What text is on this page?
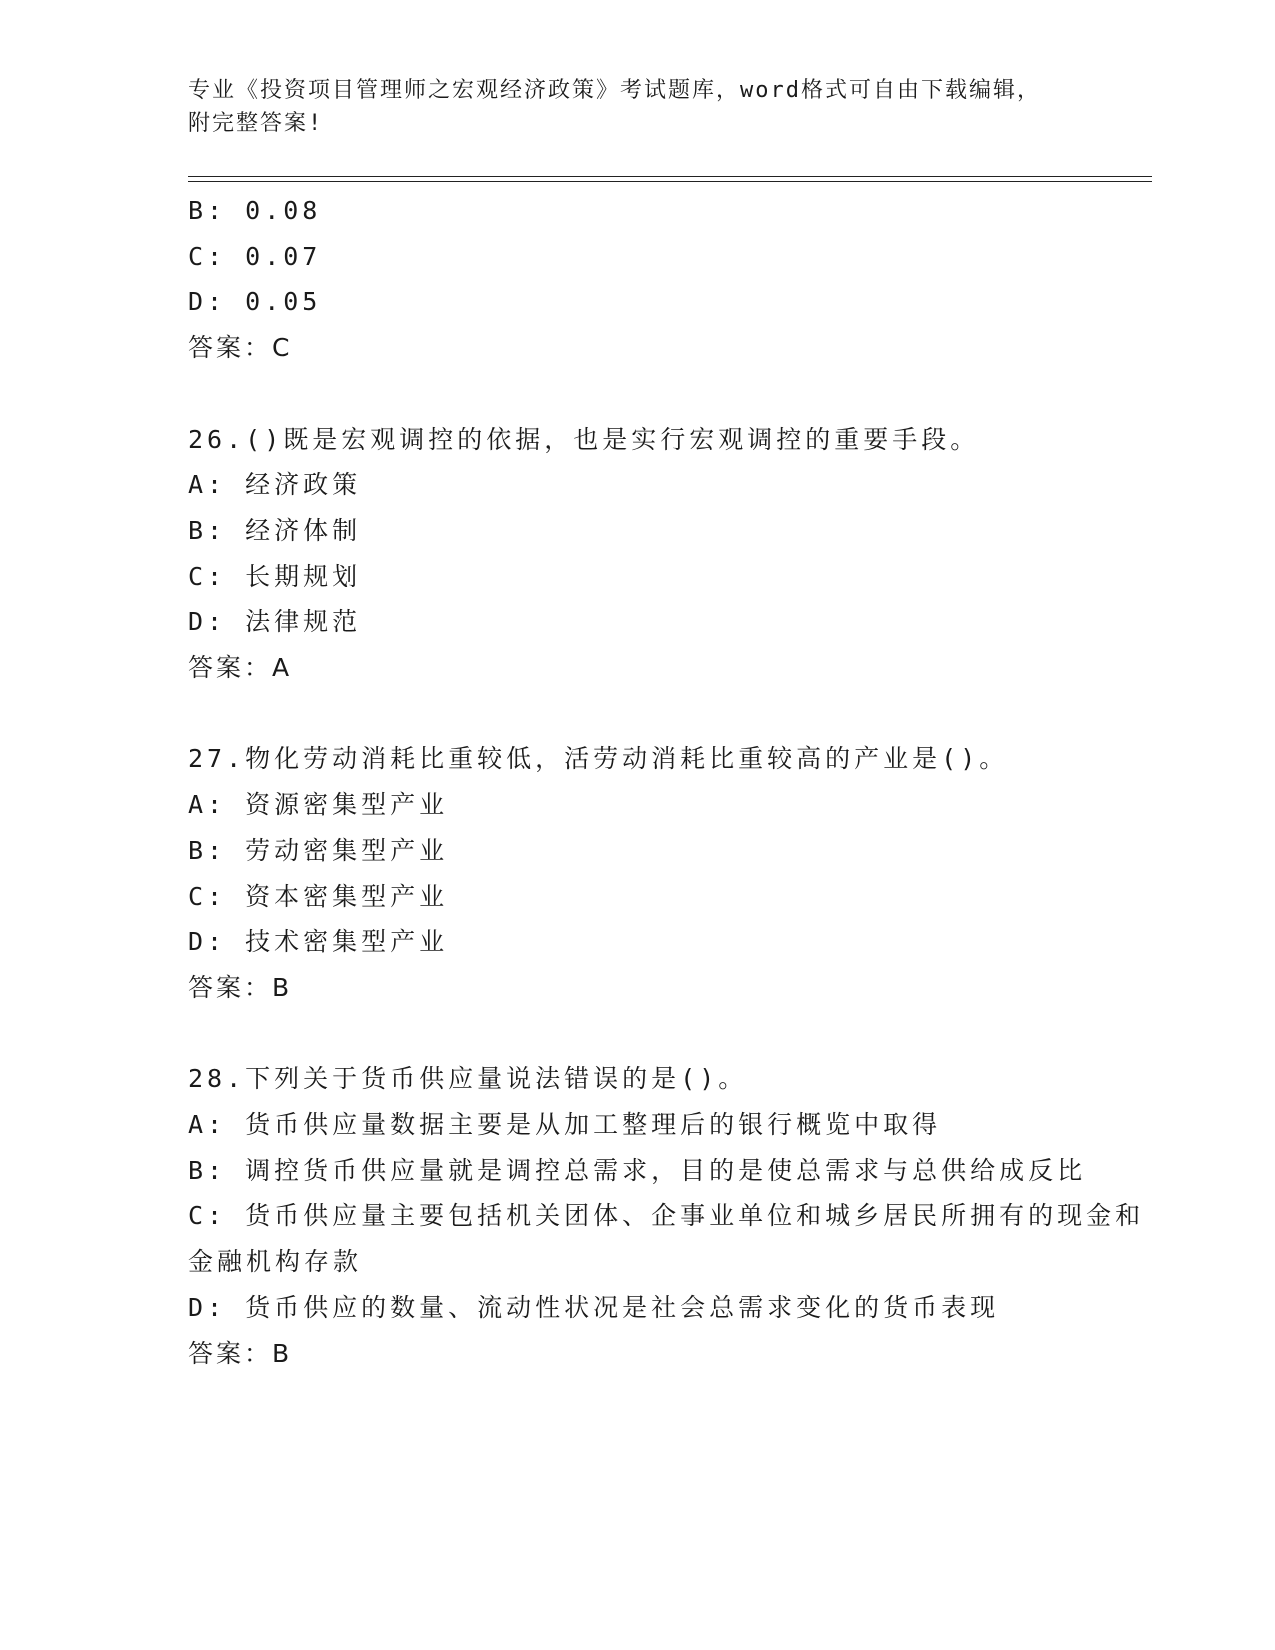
专业《投资项目管理师之宏观经济政策》考试题库，word格式可自由下载编辑，
附完整答案!

B: 0.08

C: 0.07

D: 0.05

答案：C

26.()既是宏观调控的依据，也是实行宏观调控的重要手段。

A: 经济政策

B: 经济体制

C: 长期规划

D: 法律规范

答案：A

27.物化劳动消耗比重较低，活劳动消耗比重较高的产业是()。

A: 资源密集型产业

B: 劳动密集型产业

C: 资本密集型产业

D: 技术密集型产业

答案：B

28.下列关于货币供应量说法错误的是()。

A: 货币供应量数据主要是从加工整理后的银行概览中取得

B: 调控货币供应量就是调控总需求，目的是使总需求与总供给成反比

C: 货币供应量主要包括机关团体、企事业单位和城乡居民所拥有的现金和金融机构存款

D: 货币供应的数量、流动性状况是社会总需求变化的货币表现

答案：B
